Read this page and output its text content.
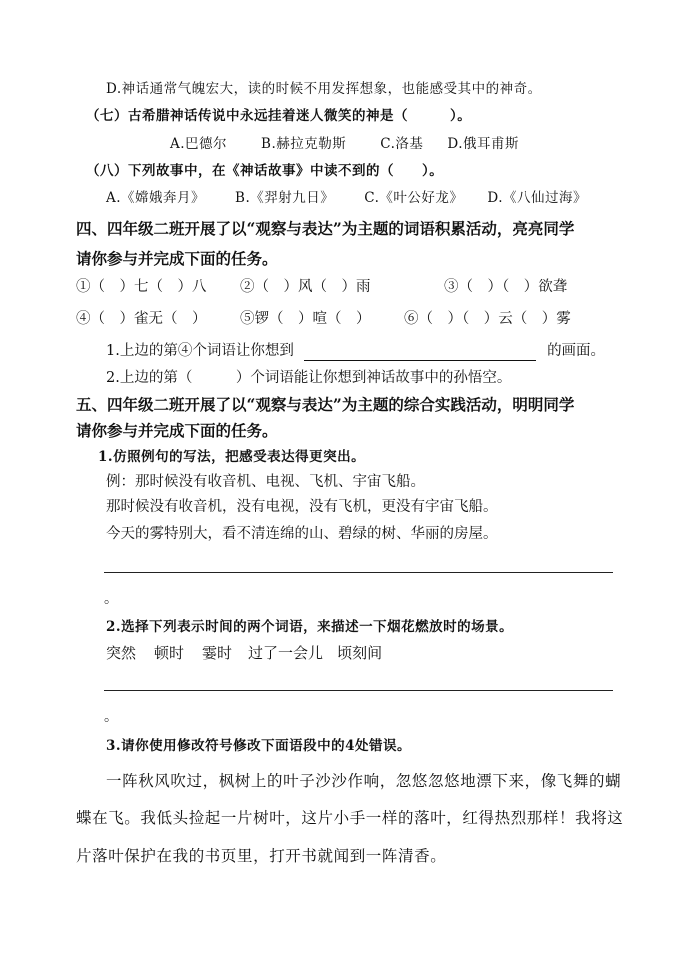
D.神话通常气魄宏大，读的时候不用发挥想象，也能感受其中的神奇。
（七）古希腊神话传说中永远挂着迷人微笑的神是（　　　）。
A.巴德尔	B.赫拉克勒斯	C.洛基 D.俄耳甫斯
（八）下列故事中，在《神话故事》中读不到的（　　）。
A.《嫦娥奔月》 B.《羿射九日》 C.《叶公好龙》 D.《八仙过海》
四、四年级二班开展了以“观察与表达”为主题的词语积累活动，亮亮同学
请你参与并完成下面的任务。
①（　）七（　）八 ②（　）风（　）雨	③（　）（　）欲聋
④（　）雀无（　） ⑤锣（　）喧（　） ⑥（　）（　）云（　）雾
1.上边的第④个词语让你想到	的画面。
2.上边的第（　　　）个词语能让你想到神话故事中的孙悟空。
五、四年级二班开展了以“观察与表达”为主题的综合实践活动，明明同学
请你参与并完成下面的任务。
1.仿照例句的写法，把感受表达得更突出。
例：那时候没有收音机、电视、飞机、宇宙飞船。
那时候没有收音机，没有电视，没有飞机，更没有宇宙飞船。
今天的雾特别大，看不清连绵的山、碧绿的树、华丽的房屋。
。
2.选择下列表示时间的两个词语，来描述一下烟花燃放时的场景。
突然 顿时 霎时 过了一会儿 顷刻间
。
3.请你使用修改符号修改下面语段中的4处错误。
一阵秋风吹过，枫树上的叶子沙沙作响，忽悠忽悠地漂下来，像飞舞的蝴
蝶在飞。我低头捡起一片树叶，这片小手一样的落叶，红得热烈那样！我将这
片落叶保护在我的书页里，打开书就闻到一阵清香。
